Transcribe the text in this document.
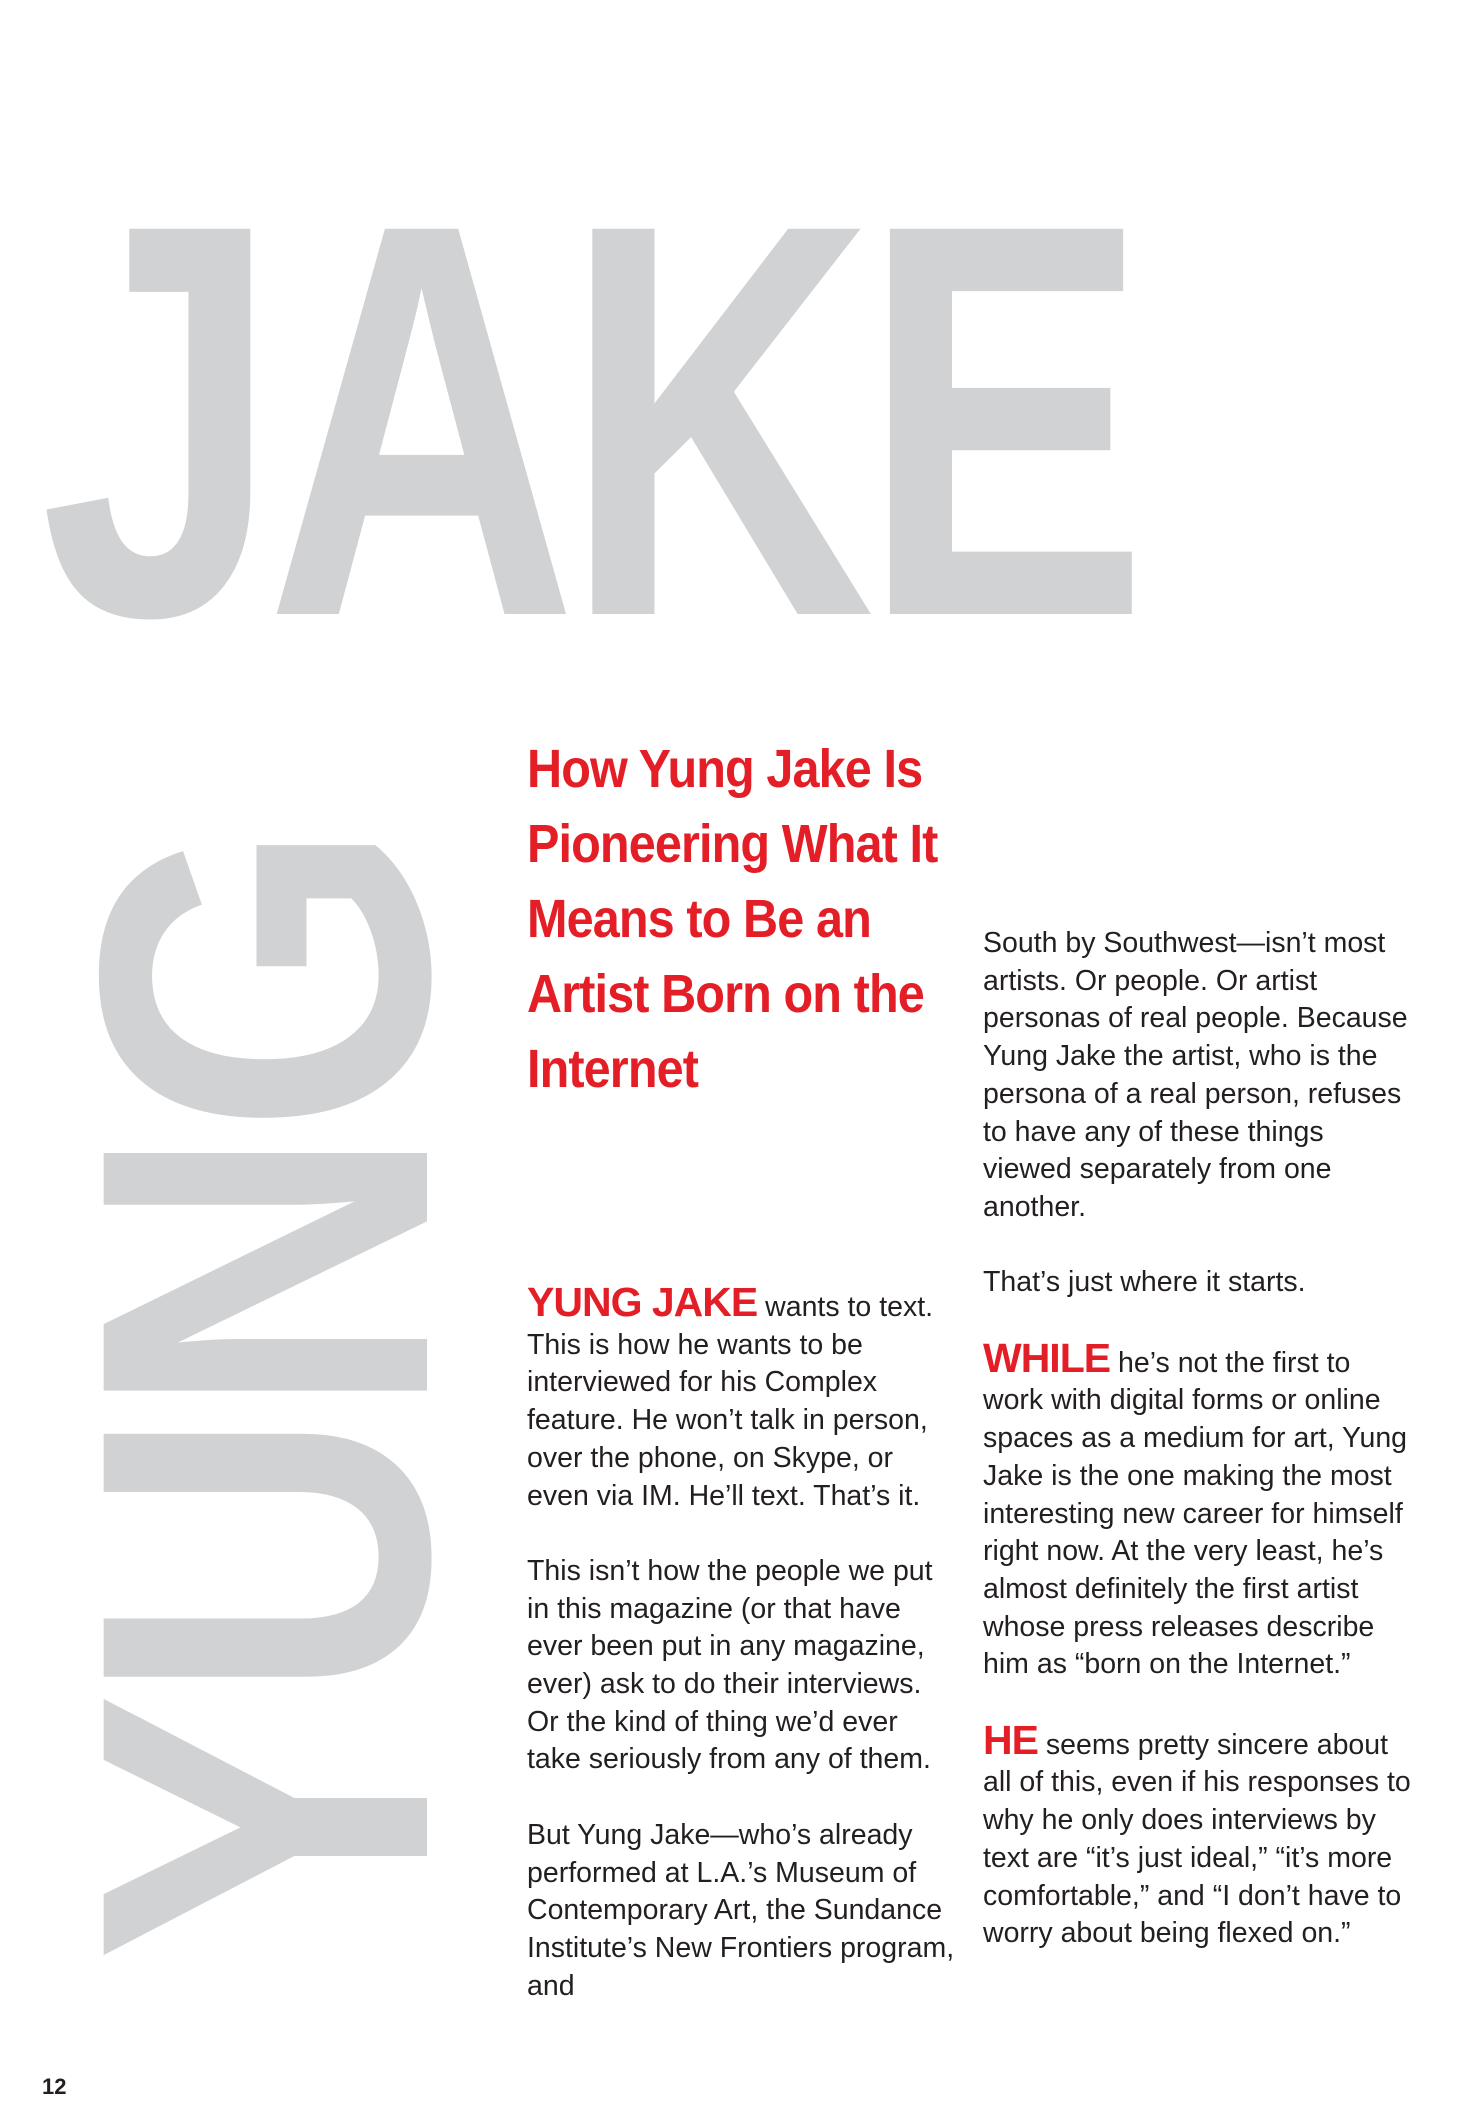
JAKE
YUNG
How Yung Jake Is Pioneering What It Means to Be an Artist Born on the Internet

YUNG JAKE wants to text. This is how he wants to be interviewed for his Complex feature. He won’t talk in person, over the phone, on Skype, or even via IM. He’ll text. That’s it.

This isn’t how the people we put in this magazine (or that have ever been put in any magazine, ever) ask to do their interviews. Or the kind of thing we’d ever take seriously from any of them.

But Yung Jake—who’s already performed at L.A.’s Museum of Contemporary Art, the Sundance Institute’s New Frontiers program, and

South by Southwest—isn’t most artists. Or people. Or artist personas of real people. Because Yung Jake the artist, who is the persona of a real person, refuses to have any of these things viewed separately from one another.

That’s just where it starts.

WHILE he’s not the first to work with digital forms or online spaces as a medium for art, Yung Jake is the one making the most interesting new career for himself right now. At the very least, he’s almost definitely the first artist whose press releases describe him as “born on the Internet.”

HE seems pretty sincere about all of this, even if his responses to why he only does interviews by text are “it’s just ideal,” “it’s more comfortable,” and “I don’t have to worry about being flexed on.”

12
